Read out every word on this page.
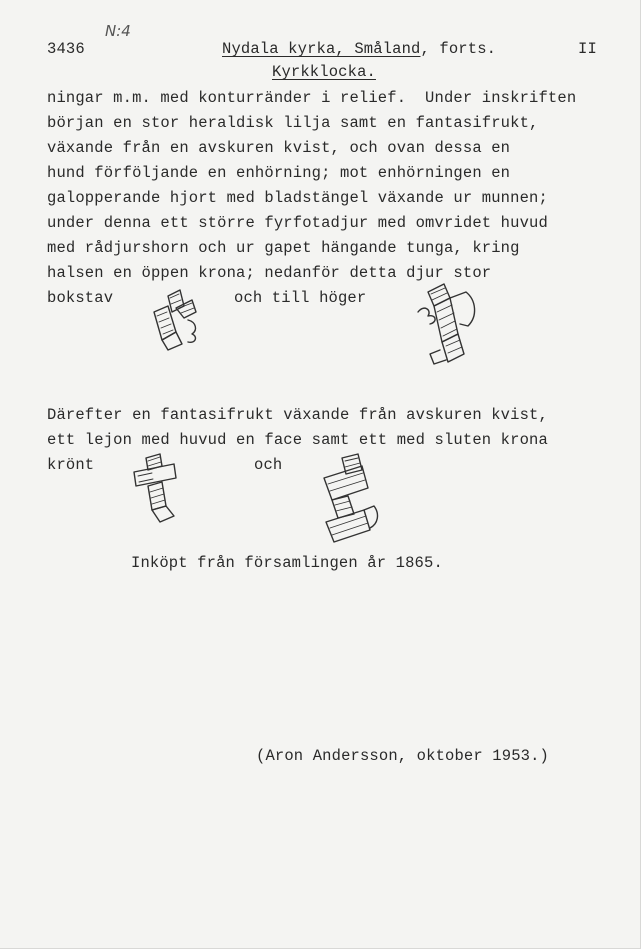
3436
N:4
Nydala kyrka, Småland, forts.	II
Kyrkklocka.
ningar m.m. med konturränder i relief.  Under inskriften
början en stor heraldisk lilja samt en fantasifrukt,
växande från en avskuren kvist, och ovan dessa en
hund förföljande en enhörning; mot enhörningen en
galopperande hjort med bladstängel växande ur munnen;
under denna ett större fyrfotadjur med omvridet huvud
med rådjurshorn och ur gapet hängande tunga, kring
halsen en öppen krona; nedanför detta djur stor
bokstav	och till höger
Därefter en fantasifrukt växande från avskuren kvist,
ett lejon med huvud en face samt ett med sluten krona
krönt	och
Inköpt från församlingen år 1865.
(Aron Andersson, oktober 1953.)
